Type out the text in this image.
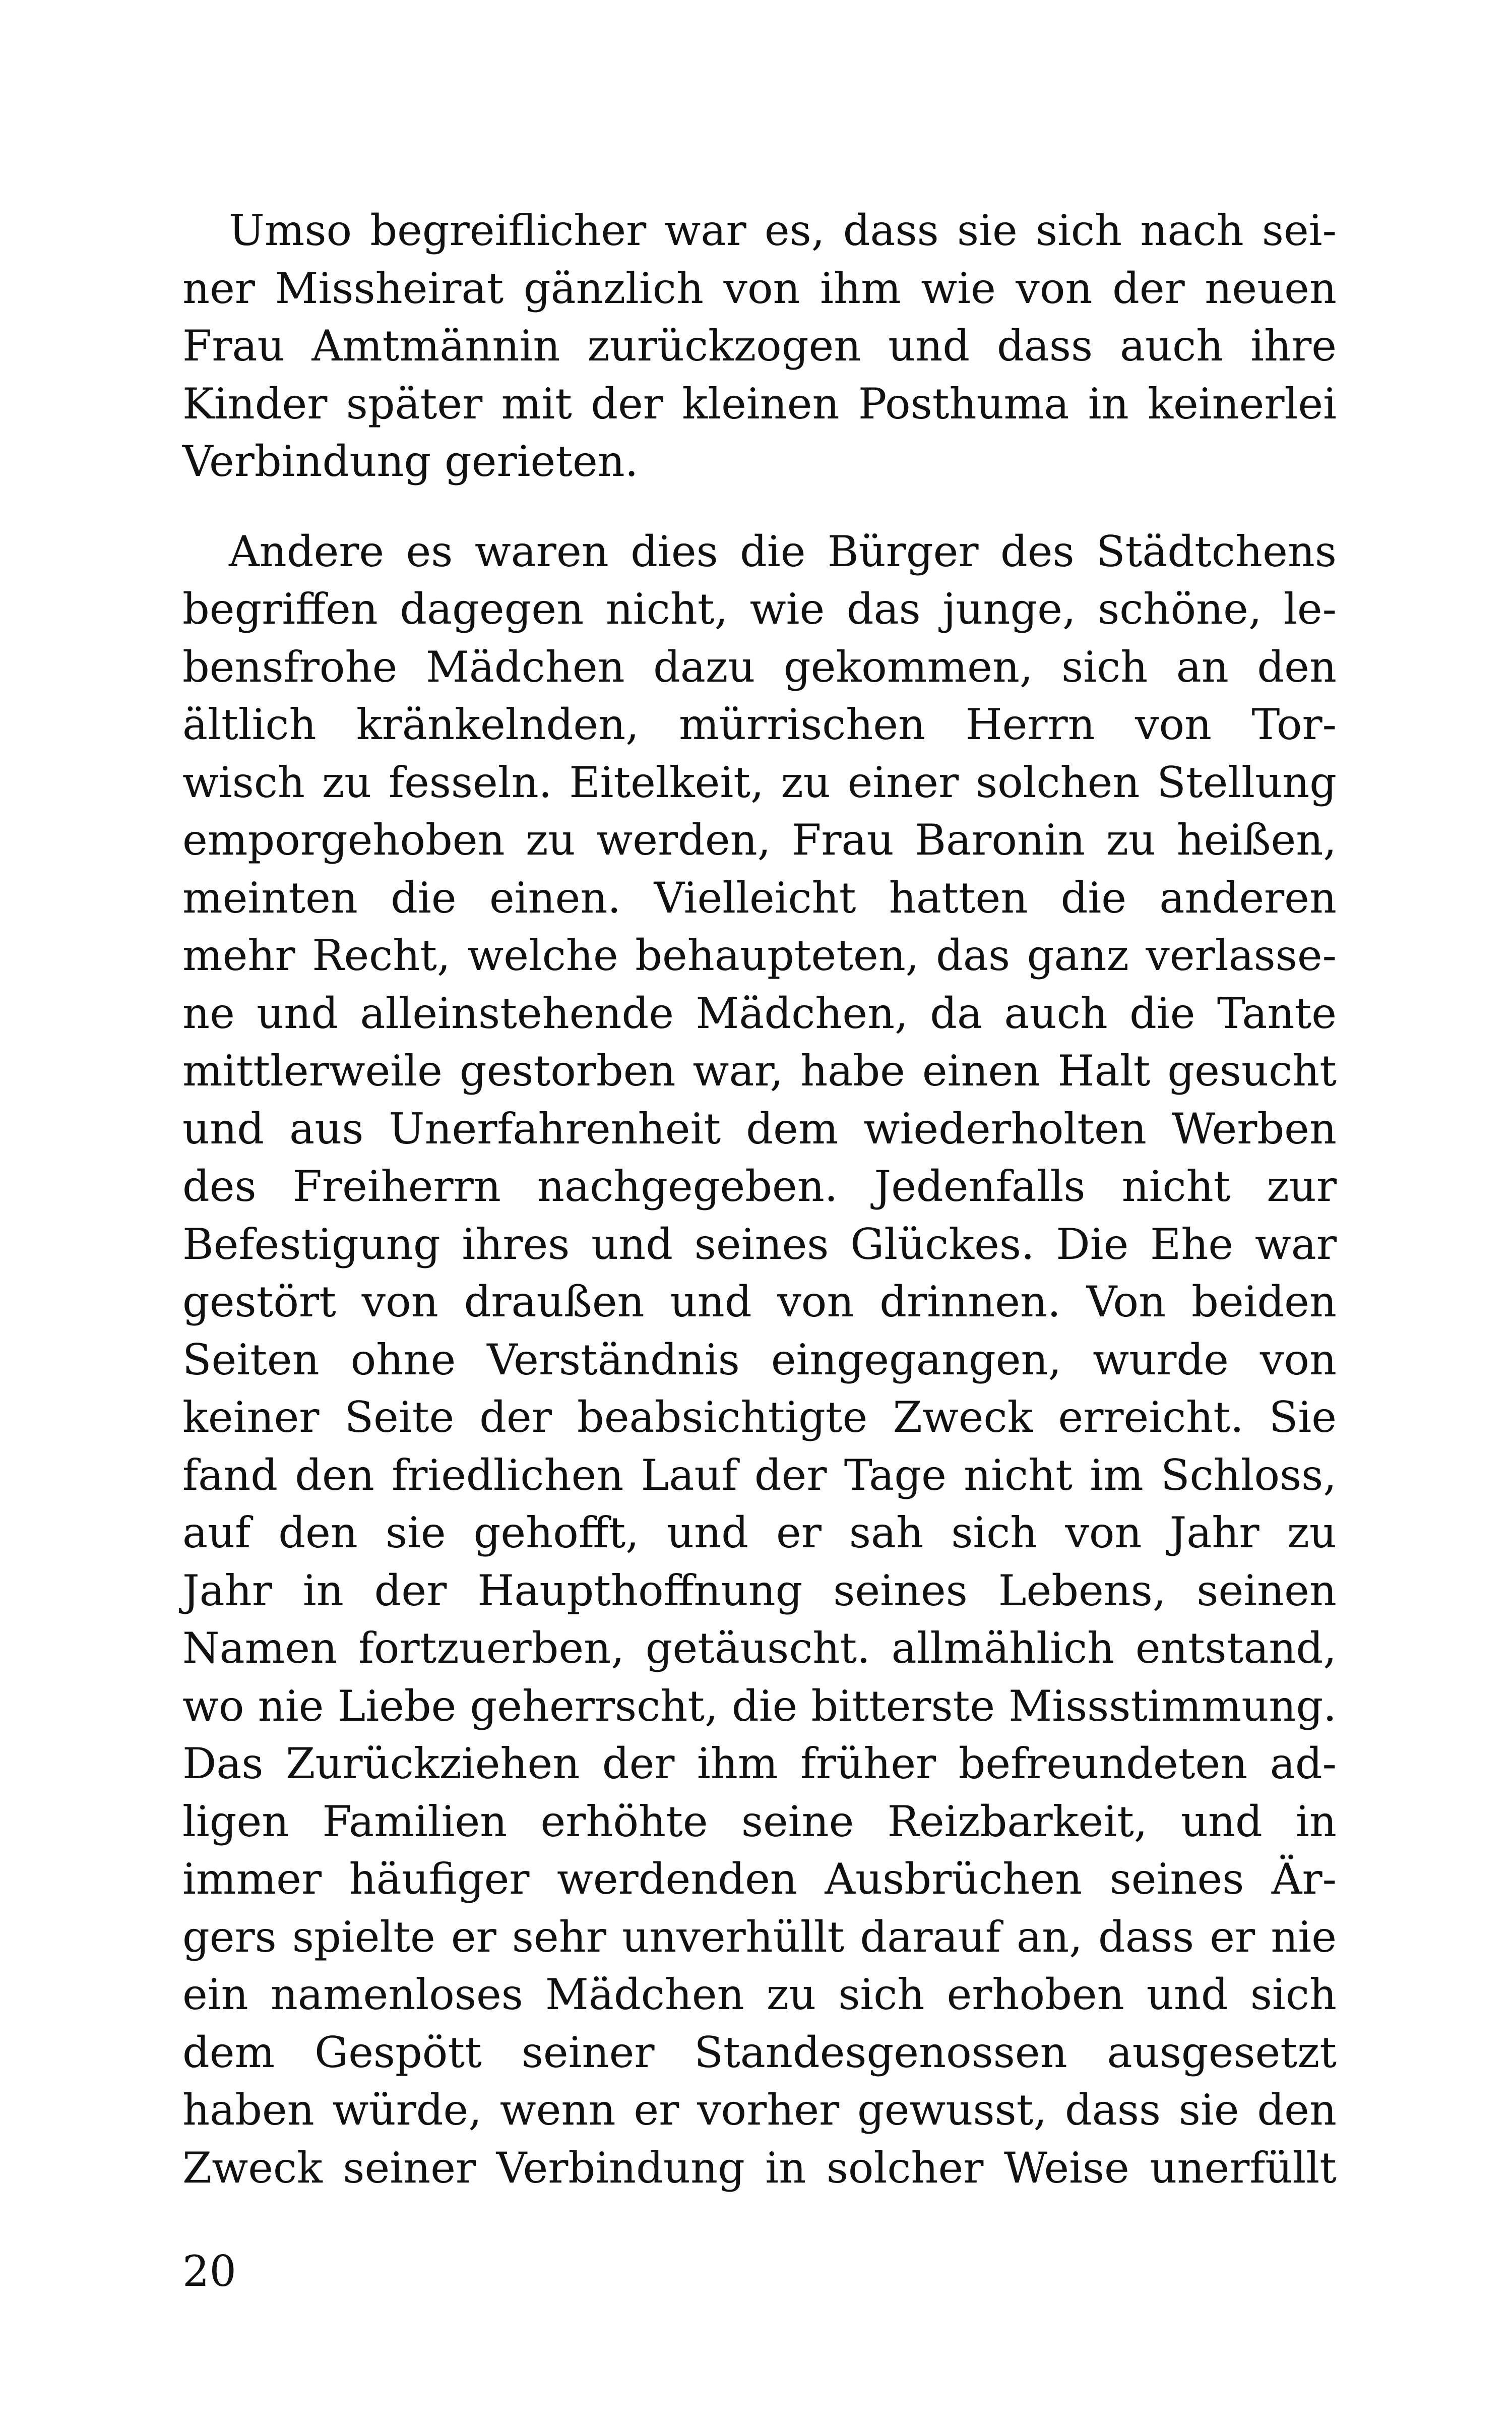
Umso begreiflicher war es, dass sie sich nach sei-
ner Missheirat gänzlich von ihm wie von der neuen
Frau Amtmännin zurückzogen und dass auch ihre
Kinder später mit der kleinen Posthuma in keinerlei
Verbindung gerieten.
Andere es waren dies die Bürger des Städtchens
begriffen dagegen nicht, wie das junge, schöne, le-
bensfrohe Mädchen dazu gekommen, sich an den
ältlich kränkelnden, mürrischen Herrn von Tor-
wisch zu fesseln. Eitelkeit, zu einer solchen Stellung
emporgehoben zu werden, Frau Baronin zu heißen,
meinten die einen. Vielleicht hatten die anderen
mehr Recht, welche behaupteten, das ganz verlasse-
ne und alleinstehende Mädchen, da auch die Tante
mittlerweile gestorben war, habe einen Halt gesucht
und aus Unerfahrenheit dem wiederholten Werben
des Freiherrn nachgegeben. Jedenfalls nicht zur
Befestigung ihres und seines Glückes. Die Ehe war
gestört von draußen und von drinnen. Von beiden
Seiten ohne Verständnis eingegangen, wurde von
keiner Seite der beabsichtigte Zweck erreicht. Sie
fand den friedlichen Lauf der Tage nicht im Schloss,
auf den sie gehofft, und er sah sich von Jahr zu
Jahr in der Haupthoffnung seines Lebens, seinen
Namen fortzuerben, getäuscht. allmählich entstand,
wo nie Liebe geherrscht, die bitterste Missstimmung.
Das Zurückziehen der ihm früher befreundeten ad-
ligen Familien erhöhte seine Reizbarkeit, und in
immer häufiger werdenden Ausbrüchen seines Är-
gers spielte er sehr unverhüllt darauf an, dass er nie
ein namenloses Mädchen zu sich erhoben und sich
dem Gespött seiner Standesgenossen ausgesetzt
haben würde, wenn er vorher gewusst, dass sie den
Zweck seiner Verbindung in solcher Weise unerfüllt
20
